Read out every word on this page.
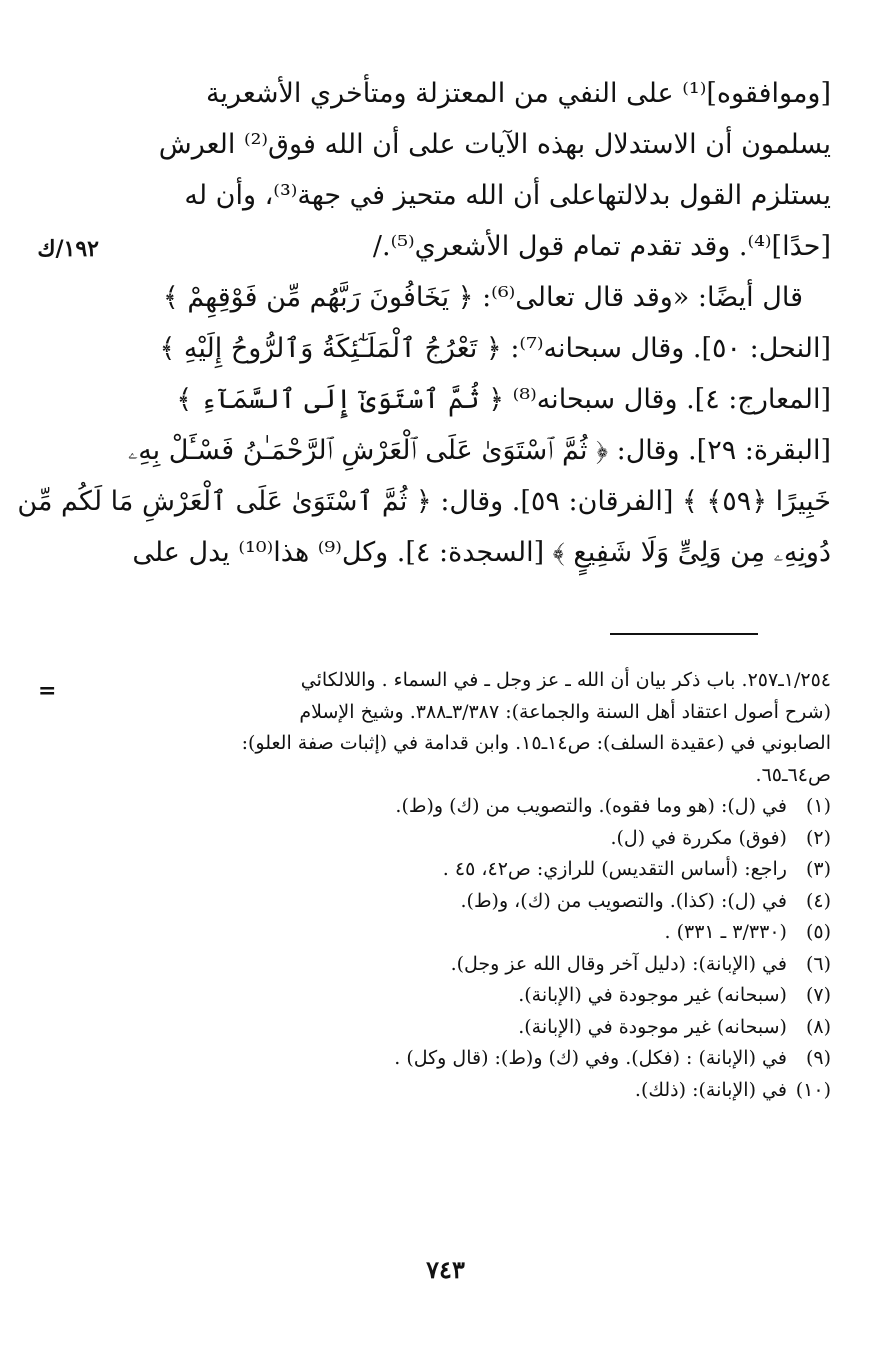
[وموافقوه]⁽¹⁾ على النفي من المعتزلة ومتأخري الأشعرية
يسلمون أن الاستدلال بهذه الآيات على أن الله فوق⁽²⁾ العرش
يستلزم القول بدلالتهاعلى أن الله متحيز في جهة⁽³⁾، وأن له
[حدًا]⁽⁴⁾. وقد تقدم تمام قول الأشعري⁽⁵⁾./
قال أيضًا: «وقد قال تعالى⁽⁶⁾: ﴿ يَخَافُونَ رَبَّهُم مِّن فَوْقِهِمْ ﴾
[النحل: ٥٠]. وقال سبحانه⁽⁷⁾: ﴿ تَعْرُجُ ٱلْمَلَـٰٓئِكَةُ وَٱلرُّوحُ إِلَيْهِ ﴾
[المعارج: ٤]. وقال سبحانه⁽⁸⁾ ﴿ ثُمَّ ٱسْتَوَىٰٓ إِلَى ٱلسَّمَآءِ ﴾
[البقرة: ٢٩]. وقال: ﴿ ثُمَّ ٱسْتَوَىٰ عَلَى ٱلْعَرْشِ ٱلرَّحْمَـٰنُ فَسْـَٔلْ بِهِۦ
خَبِيرًا ﴿٥٩﴾ ﴾ [الفرقان: ٥٩]. وقال: ﴿ ثُمَّ ٱسْتَوَىٰ عَلَى ٱلْعَرْشِ مَا لَكُم مِّن
دُونِهِۦ مِن وَلِىٍّ وَلَا شَفِيعٍ ﴾ [السجدة: ٤]. وكل⁽⁹⁾ هذا⁽¹⁰⁾ يدل على
١٩٢/ك
=	١/٢٥٤ـ٢٥٧. باب ذكر بيان أن الله ـ عز وجل ـ في السماء . واللالكائي
(شرح أصول اعتقاد أهل السنة والجماعة): ٣/٣٨٧ـ٣٨٨. وشيخ الإسلام
الصابوني في (عقيدة السلف): ص١٤ـ١٥. وابن قدامة في (إثبات صفة العلو):
ص٦٤ـ٦٥.
(١) في (ل): (هو وما فقوه). والتصويب من (ك) و(ط).
(٢) (فوق) مكررة في (ل).
(٣) راجع: (أساس التقديس) للرازي: ص٤٢، ٤٥ .
(٤) في (ل): (كذا). والتصويب من (ك)، و(ط).
(٥) (٣/٣٣٠ ـ ٣٣١) .
(٦) في (الإبانة): (دليل آخر وقال الله عز وجل).
(٧) (سبحانه) غير موجودة في (الإبانة).
(٨) (سبحانه) غير موجودة في (الإبانة).
(٩) في (الإبانة) : (فكل). وفي (ك) و(ط): (قال وكل) .
(١٠) في (الإبانة): (ذلك).
٧٤٣
